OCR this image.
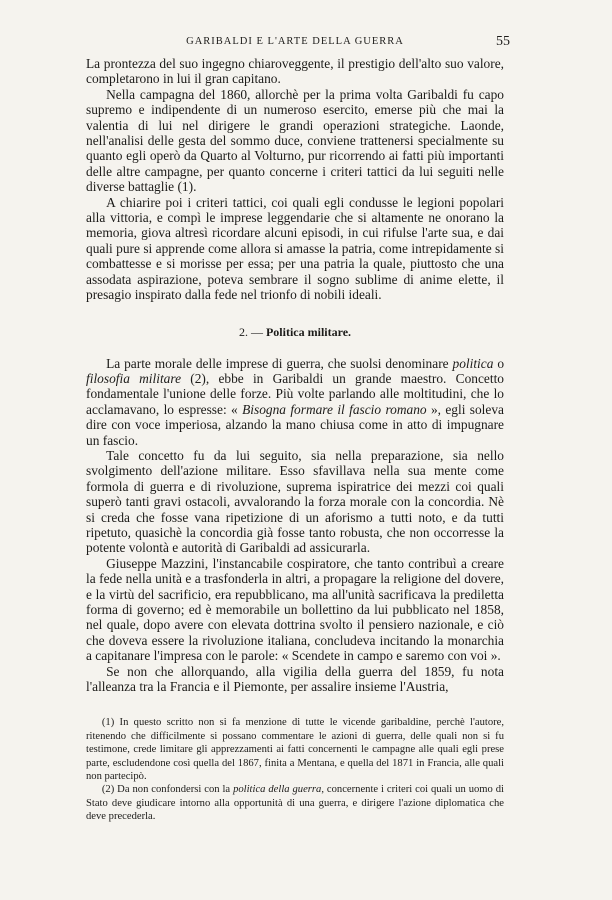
GARIBALDI E L'ARTE DELLA GUERRA	55

La prontezza del suo ingegno chiaroveggente, il prestigio dell'alto suo valore, completarono in lui il gran capitano.

Nella campagna del 1860, allorchè per la prima volta Garibaldi fu capo supremo e indipendente di un numeroso esercito, emerse più che mai la valentia di lui nel dirigere le grandi operazioni strategiche. Laonde, nell'analisi delle gesta del sommo duce, conviene trattenersi specialmente su quanto egli operò da Quarto al Volturno, pur ricorrendo ai fatti più importanti delle altre campagne, per quanto concerne i criteri tattici da lui seguiti nelle diverse battaglie (1).

A chiarire poi i criteri tattici, coi quali egli condusse le legioni popolari alla vittoria, e compì le imprese leggendarie che si altamente ne onorano la memoria, giova altresì ricordare alcuni episodi, in cui rifulse l'arte sua, e dai quali pure si apprende come allora si amasse la patria, come intrepidamente si combattesse e si morisse per essa; per una patria la quale, piuttosto che una assodata aspirazione, poteva sembrare il sogno sublime di anime elette, il presagio inspirato dalla fede nel trionfo di nobili ideali.

2. — Politica militare.

La parte morale delle imprese di guerra, che suolsi denominare politica o filosofia militare (2), ebbe in Garibaldi un grande maestro. Concetto fondamentale l'unione delle forze. Più volte parlando alle moltitudini, che lo acclamavano, lo espresse: « Bisogna formare il fascio romano », egli soleva dire con voce imperiosa, alzando la mano chiusa come in atto di impugnare un fascio.

Tale concetto fu da lui seguito, sia nella preparazione, sia nello svolgimento dell'azione militare. Esso sfavillava nella sua mente come formola di guerra e di rivoluzione, suprema ispiratrice dei mezzi coi quali superò tanti gravi ostacoli, avvalorando la forza morale con la concordia. Nè si creda che fosse vana ripetizione di un aforismo a tutti noto, e da tutti ripetuto, quasichè la concordia già fosse tanto robusta, che non occorresse la potente volontà e autorità di Garibaldi ad assicurarla.

Giuseppe Mazzini, l'instancabile cospiratore, che tanto contribuì a creare la fede nella unità e a trasfonderla in altri, a propagare la religione del dovere, e la virtù del sacrificio, era repubblicano, ma all'unità sacrificava la prediletta forma di governo; ed è memorabile un bollettino da lui pubblicato nel 1858, nel quale, dopo avere con elevata dottrina svolto il pensiero nazionale, e ciò che doveva essere la rivoluzione italiana, concludeva incitando la monarchia a capitanare l'impresa con le parole: « Scendete in campo e saremo con voi ».

Se non che allorquando, alla vigilia della guerra del 1859, fu nota l'alleanza tra la Francia e il Piemonte, per assalire insieme l'Austria,

(1) In questo scritto non si fa menzione di tutte le vicende garibaldine, perchè l'autore, ritenendo che difficilmente si possano commentare le azioni di guerra, delle quali non si fu testimone, crede limitare gli apprezzamenti ai fatti concernenti le campagne alle quali egli prese parte, escludendone così quella del 1867, finita a Mentana, e quella del 1871 in Francia, alle quali non partecipò.

(2) Da non confondersi con la politica della guerra, concernente i criteri coi quali un uomo di Stato deve giudicare intorno alla opportunità di una guerra, e dirigere l'azione diplomatica che deve precederla.
